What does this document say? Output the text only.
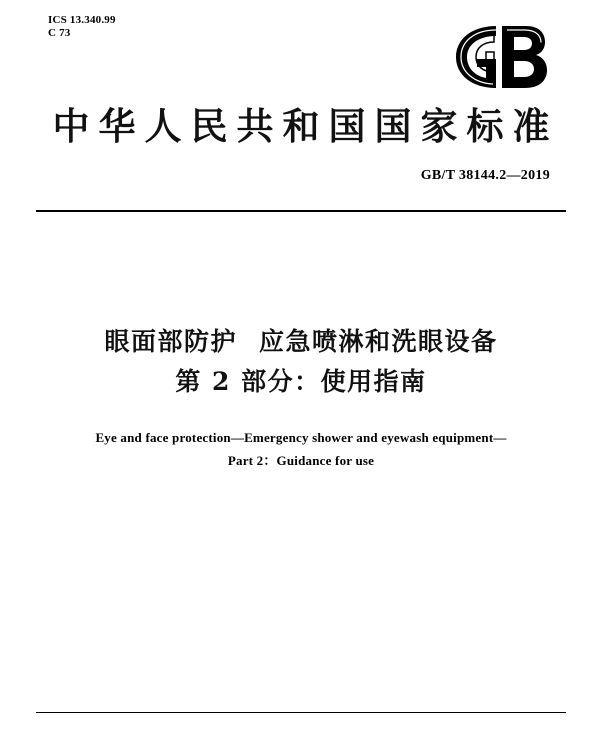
ICS 13.340.99
C 73
中华人民共和国国家标准
GB/T 38144.2—2019
眼面部防护 应急喷淋和洗眼设备
第 2 部分：使用指南
Eye and face protection—Emergency shower and eyewash equipment—
Part 2：Guidance for use
